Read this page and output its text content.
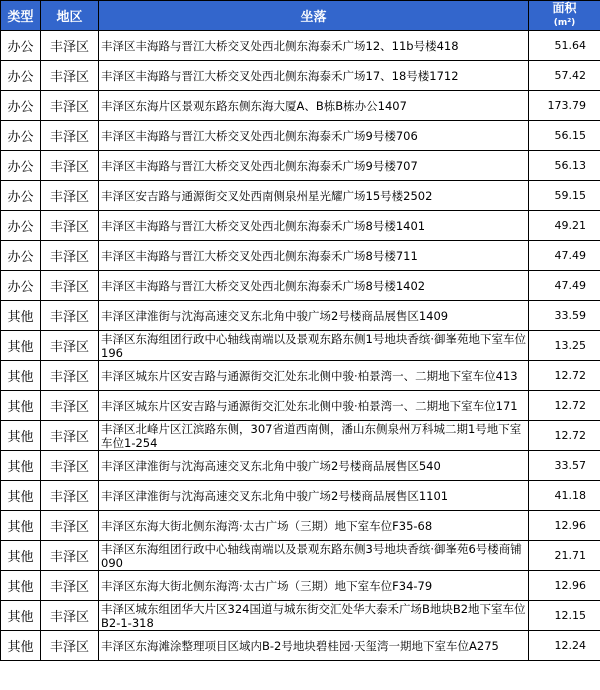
类型	地区	坐落	面积
(m²)
办公	丰泽区	丰泽区丰海路与晋江大桥交叉处西北侧东海泰禾广场12、11b号楼418	51.64
办公	丰泽区	丰泽区丰海路与晋江大桥交叉处西北侧东海泰禾广场17、18号楼1712	57.42
办公	丰泽区	丰泽区东海片区景观东路东侧东海大厦A、B栋B栋办公1407	173.79
办公	丰泽区	丰泽区丰海路与晋江大桥交叉处西北侧东海泰禾广场9号楼706	56.15
办公	丰泽区	丰泽区丰海路与晋江大桥交叉处西北侧东海泰禾广场9号楼707	56.13
办公	丰泽区	丰泽区安吉路与通源街交叉处西南侧泉州星光耀广场15号楼2502	59.15
办公	丰泽区	丰泽区丰海路与晋江大桥交叉处西北侧东海泰禾广场8号楼1401	49.21
办公	丰泽区	丰泽区丰海路与晋江大桥交叉处西北侧东海泰禾广场8号楼711	47.49
办公	丰泽区	丰泽区丰海路与晋江大桥交叉处西北侧东海泰禾广场8号楼1402	47.49
其他	丰泽区	丰泽区津淮街与沈海高速交叉东北角中骏广场2号楼商品展售区1409	33.59
其他	丰泽区	丰泽区东海组团行政中心轴线南端以及景观东路东侧1号地块香缤·御峯苑地下室车位196	13.25
其他	丰泽区	丰泽区城东片区安吉路与通源街交汇处东北侧中骏·柏景湾一、二期地下室车位413	12.72
其他	丰泽区	丰泽区城东片区安吉路与通源街交汇处东北侧中骏·柏景湾一、二期地下室车位171	12.72
其他	丰泽区	丰泽区北峰片区江滨路东侧，307省道西南侧，潘山东侧泉州万科城二期1号地下室车位1-254	12.72
其他	丰泽区	丰泽区津淮街与沈海高速交叉东北角中骏广场2号楼商品展售区540	33.57
其他	丰泽区	丰泽区津淮街与沈海高速交叉东北角中骏广场2号楼商品展售区1101	41.18
其他	丰泽区	丰泽区东海大街北侧东海湾·太古广场（三期）地下室车位F35-68	12.96
其他	丰泽区	丰泽区东海组团行政中心轴线南端以及景观东路东侧3号地块香缤·御峯苑6号楼商铺090	21.71
其他	丰泽区	丰泽区东海大街北侧东海湾·太古广场（三期）地下室车位F34-79	12.96
其他	丰泽区	丰泽区城东组团华大片区324国道与城东街交汇处华大泰禾广场B地块B2地下室车位B2-1-318	12.15
其他	丰泽区	丰泽区东海滩涂整理项目区域内B-2号地块碧桂园·天玺湾一期地下室车位A275	12.24
